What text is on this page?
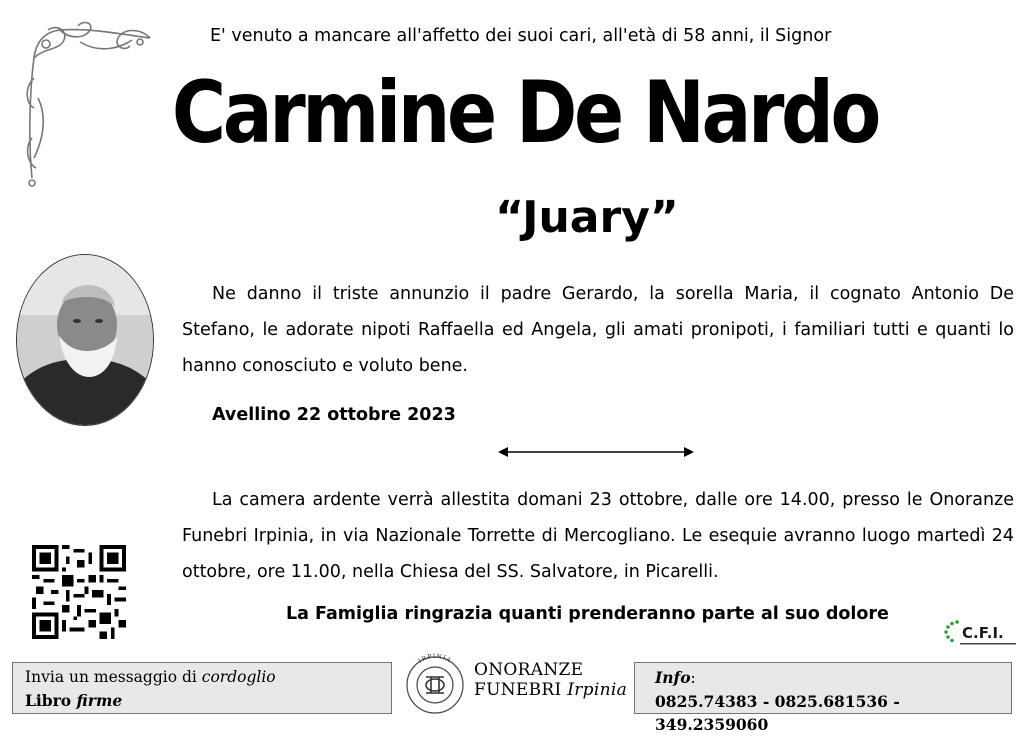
E' venuto a mancare all'affetto dei suoi cari, all'età di 58 anni, il Signor
Carmine De Nardo
“Juary”
Ne danno il triste annunzio il padre Gerardo, la sorella Maria, il cognato Antonio De Stefano, le adorate nipoti Raffaella ed Angela, gli amati pronipoti, i familiari tutti e quanti lo hanno conosciuto e voluto bene.
Avellino 22 ottobre 2023
La camera ardente verrà allestita domani 23 ottobre, dalle ore 14.00, presso le Onoranze Funebri Irpinia, in via Nazionale Torrette di Mercogliano. Le esequie avranno luogo martedì 24 ottobre, ore 11.00, nella Chiesa del SS. Salvatore, in Picarelli.
La Famiglia ringrazia quanti prenderanno parte al suo dolore
C.F.I.
Invia un messaggio di cordoglio
Libro firme
IRPINIA ONORANZE
FUNEBRI Irpinia
Info:
0825.74383 - 0825.681536 - 349.2359060
